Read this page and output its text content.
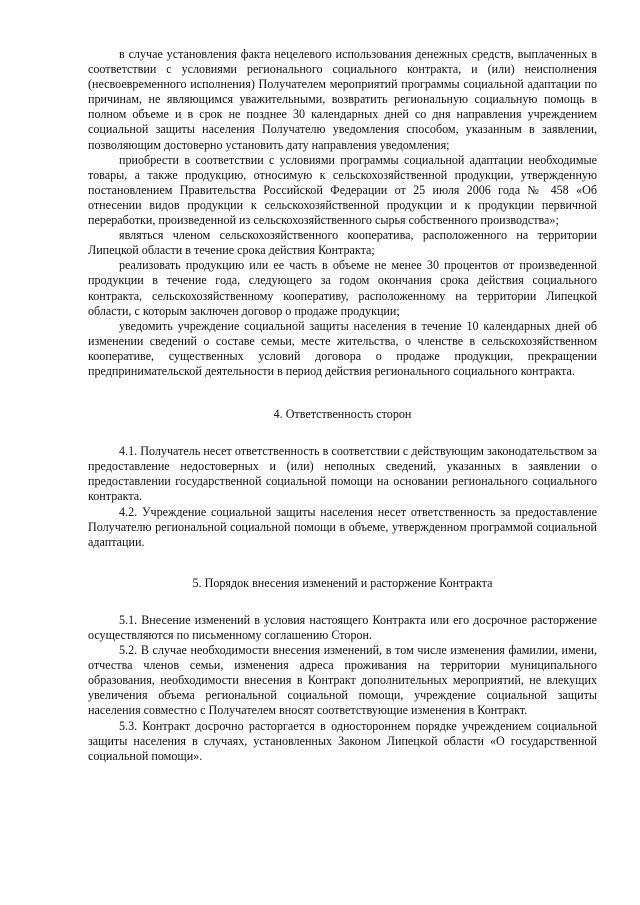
в случае установления факта нецелевого использования денежных средств, выплаченных в соответствии с условиями регионального социального контракта, и (или) неисполнения (несвоевременного исполнения) Получателем мероприятий программы социальной адаптации по причинам, не являющимся уважительными, возвратить региональную социальную помощь в полном объеме и в срок не позднее 30 календарных дней со дня направления учреждением социальной защиты населения Получателю уведомления способом, указанным в заявлении, позволяющим достоверно установить дату направления уведомления;

приобрести в соответствии с условиями программы социальной адаптации необходимые товары, а также продукцию, относимую к сельскохозяйственной продукции, утвержденную постановлением Правительства Российской Федерации от 25 июля 2006 года № 458 «Об отнесении видов продукции к сельскохозяйственной продукции и к продукции первичной переработки, произведенной из сельскохозяйственного сырья собственного производства»;

являться членом сельскохозяйственного кооператива, расположенного на территории Липецкой области в течение срока действия Контракта;

реализовать продукцию или ее часть в объеме не менее 30 процентов от произведенной продукции в течение года, следующего за годом окончания срока действия социального контракта, сельскохозяйственному кооперативу, расположенному на территории Липецкой области, с которым заключен договор о продаже продукции;

уведомить учреждение социальной защиты населения в течение 10 календарных дней об изменении сведений о составе семьи, месте жительства, о членстве в сельскохозяйственном кооперативе, существенных условий договора о продаже продукции, прекращении предпринимательской деятельности в период действия регионального социального контракта.

4. Ответственность сторон

4.1. Получатель несет ответственность в соответствии с действующим законодательством за предоставление недостоверных и (или) неполных сведений, указанных в заявлении о предоставлении государственной социальной помощи на основании регионального социального контракта.

4.2. Учреждение социальной защиты населения несет ответственность за предоставление Получателю региональной социальной помощи в объеме, утвержденном программой социальной адаптации.

5. Порядок внесения изменений и расторжение Контракта

5.1. Внесение изменений в условия настоящего Контракта или его досрочное расторжение осуществляются по письменному соглашению Сторон.

5.2. В случае необходимости внесения изменений, в том числе изменения фамилии, имени, отчества членов семьи, изменения адреса проживания на территории муниципального образования, необходимости внесения в Контракт дополнительных мероприятий, не влекущих увеличения объема региональной социальной помощи, учреждение социальной защиты населения совместно с Получателем вносят соответствующие изменения в Контракт.

5.3. Контракт досрочно расторгается в одностороннем порядке учреждением социальной защиты населения в случаях, установленных Законом Липецкой области «О государственной социальной помощи».
